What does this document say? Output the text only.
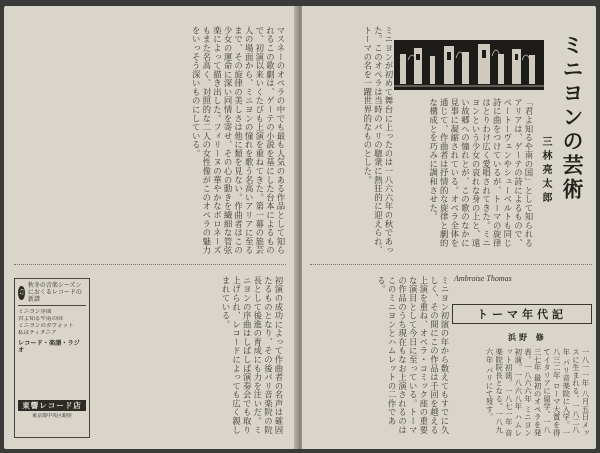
マスネーのオペラの中でも最も人気のある作品として知られるこの歌劇は、ゲーテの小説を基にした台本によるもので、初演以来いくたびも上演を重ねてきた。第一幕の旅芸人の場面から、ミニヨンの憧れを歌う名高いアリアに至るまで、その旋律の美しさは他に類を見ない。作曲者はこの少女の運命に深い同情を寄せ、その心の動きを繊細な管弦楽によって描き出した。フィリーヌの華やかなポロネーズもまた名高く、対照的な二人の女性像がこのオペラの魅力をいっそう深いものにしている。
初演の成功によって作曲者の名声は確固たるものとなり、その後パリ音楽院の院長として後進の育成にも力を注いだ。ミニヨンの序曲はしばしば演奏会でも取り上げられ、レコードによっても広く親しまれている。
♫
秋冬の音楽シーズンにおくるレコードの新譜
ミニヨン序曲
君よ知るや南の国
ミニヨンのガヴォット
私はティタニア
レコード・楽譜・ラジオ
東響レコード店
東京都中央区銀座
ミニヨンが初めて舞台に上ったのは一八六六年の秋であった。このオペラは当時のパリの聴衆に熱狂的に迎えられ、トーマの名を一躍世界的なものとした。	「君よ知るや南の国」として知られるアリアは、ゲーテの詩によるもので、ベートーヴェンやシューベルトも同じ詩に曲をつけているが、トーマの旋律はとりわけ広く愛唱されてきた。ミニヨンという少女の哀れな身の上と、遠い故郷への憧れとが、この歌のなかに見事に凝縮されている。オペラ全体を通じて、作曲者は抒情的な旋律と劇的な構成とを巧みに調和させた。	ミニヨンの芸術
三林亮太郎
ミニヨン初演の年から数えてもすでに久しく、その間にこの作品は千回を越える上演を重ね、オペラ・コミック座の重要な演目として今日に至っている。トーマの作品のうち現在もなお上演されるのはこのミニヨンとハムレットの二作である。	Ambroise Thomas
トーマ年代記
浜野 修
一八一一年 八月五日メッスに生まれる。一八二八年 パリ音楽院に入学。一八三二年 ローマ大賞を得てイタリアに留学。一八三七年 最初のオペラを発表。一八六六年 ミニヨン初演。一八六八年 ハムレット初演。一八七一年 音楽院院長となる。一八九六年 パリにて歿す。
